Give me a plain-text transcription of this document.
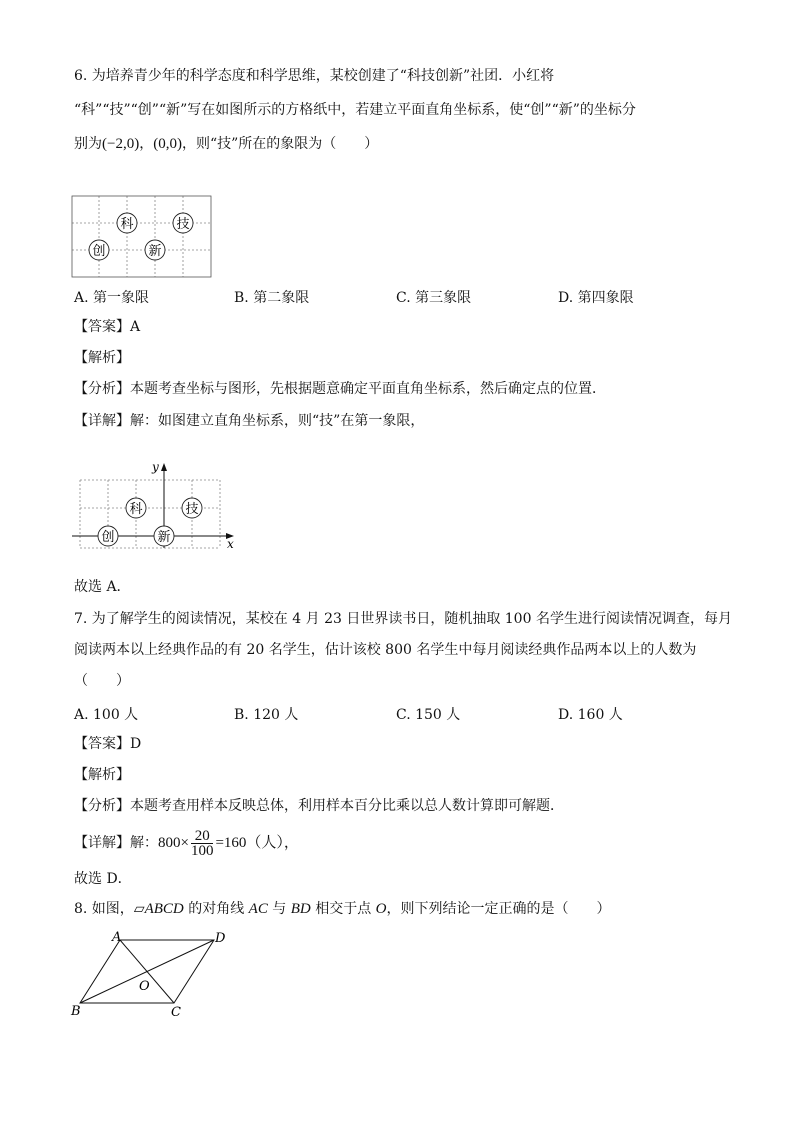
6. 为培养青少年的科学态度和科学思维，某校创建了“科技创新”社团．小红将
“科”“技”“创”“新”写在如图所示的方格纸中，若建立平面直角坐标系，使“创”“新”的坐标分
别为(−2,0)，(0,0)，则“技”所在的象限为（　　）
科	技
创	新
A. 第一象限	B. 第二象限	C. 第三象限	D. 第四象限
【答案】A
【解析】
【分析】本题考查坐标与图形，先根据题意确定平面直角坐标系，然后确定点的位置．
【详解】解：如图建立直角坐标系，则“技”在第一象限，
x
y
科	技
创	新
故选 A．
7. 为了解学生的阅读情况，某校在 4 月 23 日世界读书日，随机抽取 100 名学生进行阅读情况调查，每月
阅读两本以上经典作品的有 20 名学生，估计该校 800 名学生中每月阅读经典作品两本以上的人数为
（　　）
A. 100 人	B. 120 人	C. 150 人	D. 160 人
【答案】D
【解析】
【分析】本题考查用样本反映总体，利用样本百分比乘以总人数计算即可解题．
【详解】解：$800\times \frac{20}{100} =160$（人），
故选 D．
8. 如图，▱ABCD 的对角线 AC 与 BD 相交于点 O，则下列结论一定正确的是（　　）
A	D
B	C
O
